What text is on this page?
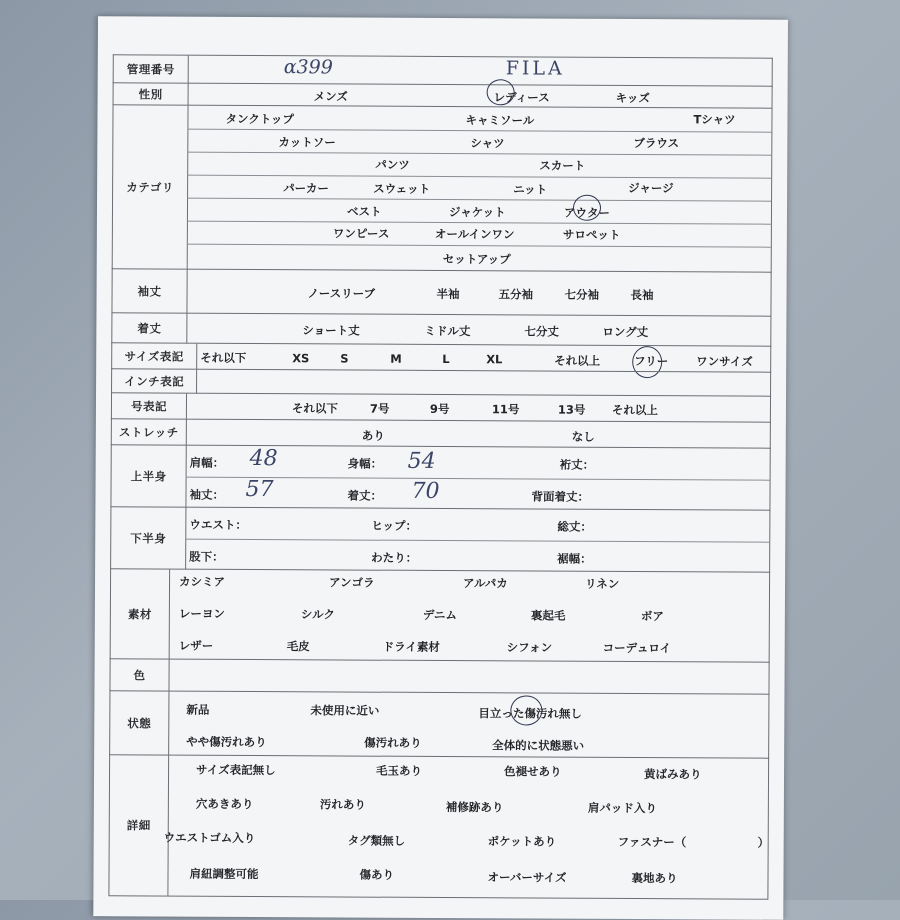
管理番号	α399	FILA
性別	メンズ	レディース	キッズ
カテゴリ
タンクトップ	キャミソール	Tシャツ
カットソー	シャツ	ブラウス
パンツ	スカート
パーカー	スウェット	ニット	ジャージ
ベスト	ジャケット	アウター
ワンピース	オールインワン	サロペット
セットアップ
袖丈	ノースリーブ	半袖	五分袖	七分袖	長袖
着丈	ショート丈	ミドル丈	七分丈	ロング丈
サイズ表記	それ以下	XS	S	M	L	XL	それ以上	フリー ワンサイズ
インチ表記
号表記	それ以下	7号	9号	11号	13号 それ以上
ストレッチ	あり	なし
上半身
肩幅： 48	身幅： 54	裄丈：
袖丈： 57	着丈： 70	背面着丈：
下半身
ウエスト：	ヒップ：	総丈：
股下：	わたり：	裾幅：
素材
カシミア	アンゴラ	アルパカ	リネン
レーヨン	シルク	デニム	裏起毛	ボア
レザー	毛皮	ドライ素材	シフォン	コーデュロイ
色
状態
新品	未使用に近い	目立った傷汚れ無し
やや傷汚れあり	傷汚れあり	全体的に状態悪い
詳細
サイズ表記無し	毛玉あり	色褪せあり	黄ばみあり
穴あきあり	汚れあり	補修跡あり	肩パッド入り
ウエストゴム入り	タグ類無し	ポケットあり	ファスナー（	）
肩紐調整可能	傷あり	オーバーサイズ	裏地あり
